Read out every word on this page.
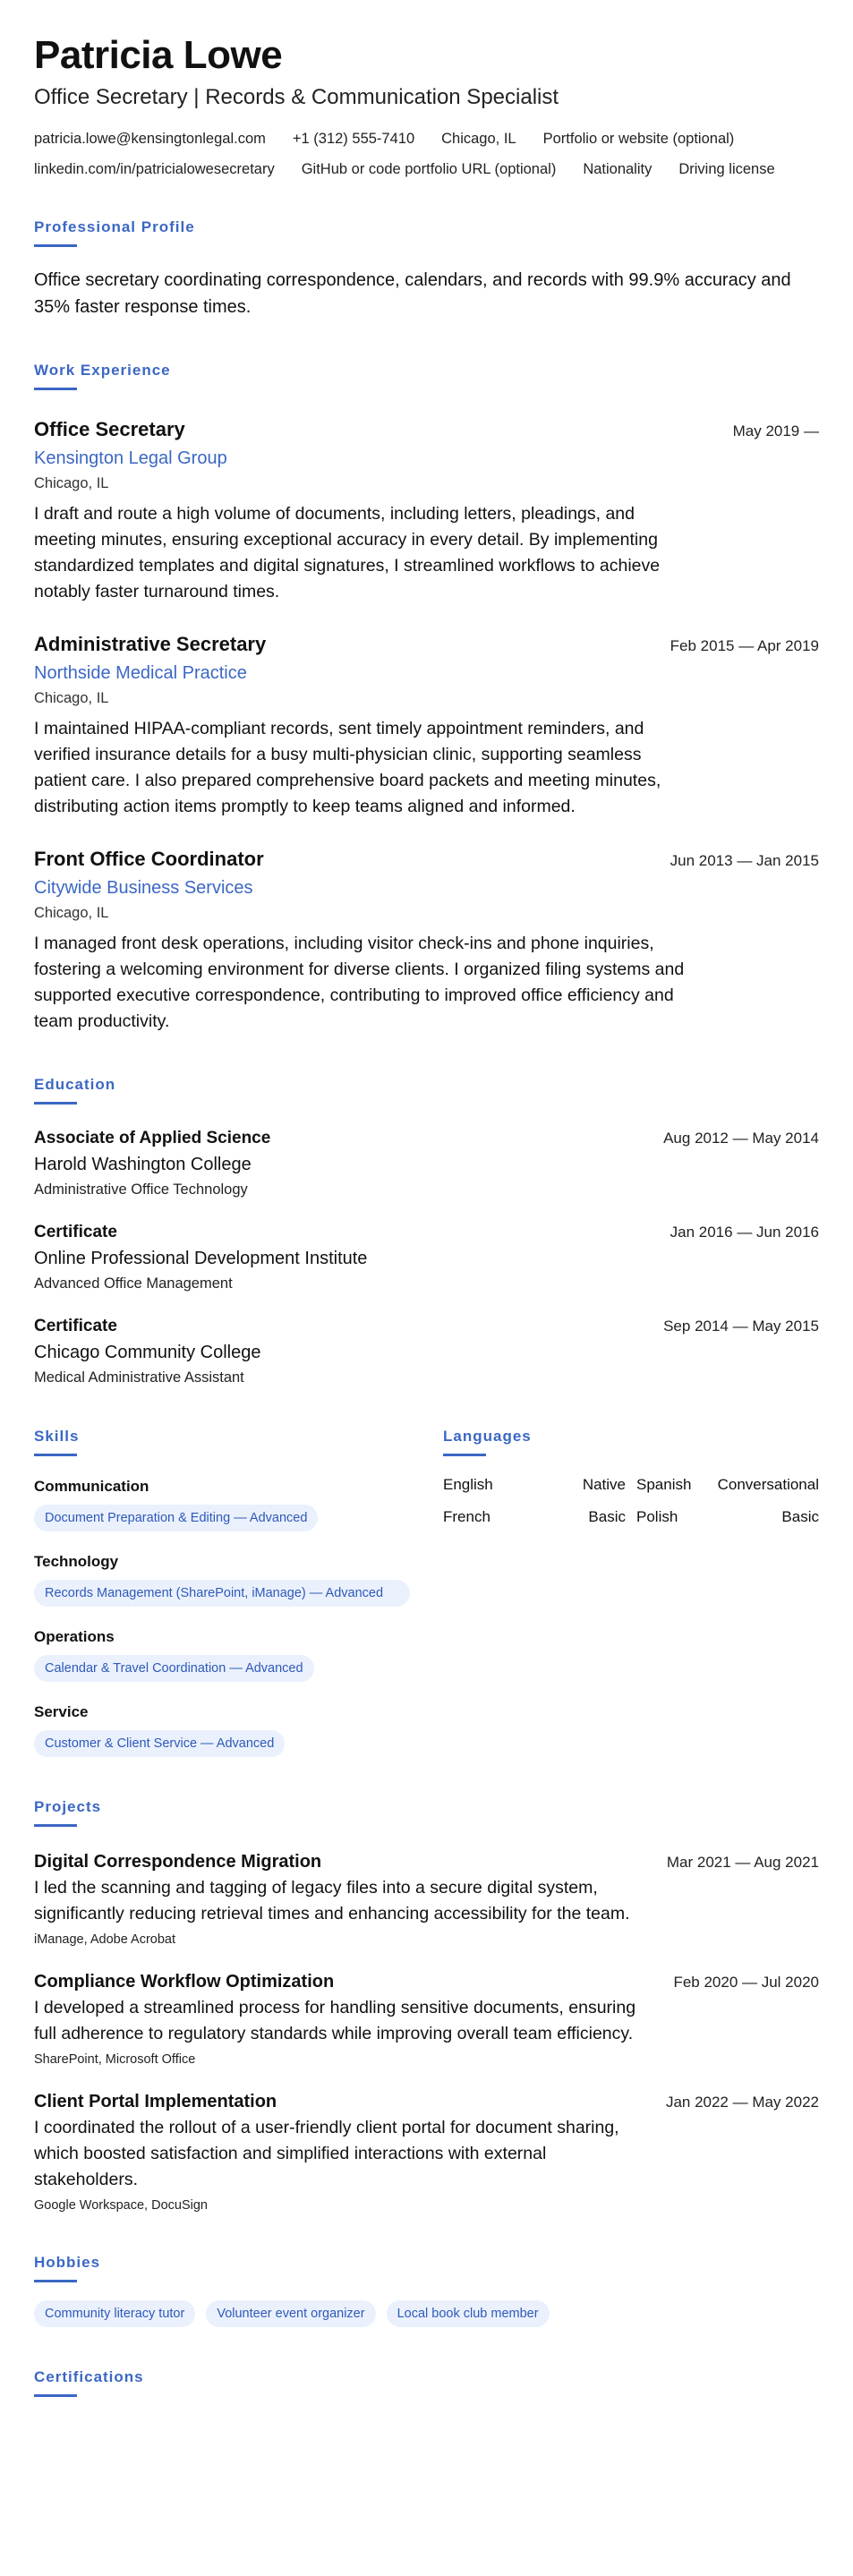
Patricia Lowe
Office Secretary | Records & Communication Specialist
patricia.lowe@kensingtonlegal.com +1 (312) 555-7410 Chicago, IL Portfolio or website (optional)
linkedin.com/in/patricialowesecretary GitHub or code portfolio URL (optional) Nationality Driving license
Professional Profile

Office secretary coordinating correspondence, calendars, and records with 99.9% accuracy and 35% faster response times.

Work Experience
Office Secretary	May 2019 —
Kensington Legal Group
Chicago, IL

I draft and route a high volume of documents, including letters, pleadings, and meeting minutes, ensuring exceptional accuracy in every detail. By implementing standardized templates and digital signatures, I streamlined workflows to achieve notably faster turnaround times.

Administrative Secretary	Feb 2015 — Apr 2019
Northside Medical Practice
Chicago, IL

I maintained HIPAA-compliant records, sent timely appointment reminders, and verified insurance details for a busy multi-physician clinic, supporting seamless patient care. I also prepared comprehensive board packets and meeting minutes, distributing action items promptly to keep teams aligned and informed.

Front Office Coordinator	Jun 2013 — Jan 2015
Citywide Business Services
Chicago, IL

I managed front desk operations, including visitor check-ins and phone inquiries, fostering a welcoming environment for diverse clients. I organized filing systems and supported executive correspondence, contributing to improved office efficiency and team productivity.

Education
Associate of Applied Science	Aug 2012 — May 2014
Harold Washington College
Administrative Office Technology
Certificate	Jan 2016 — Jun 2016
Online Professional Development Institute
Advanced Office Management
Certificate	Sep 2014 — May 2015
Chicago Community College
Medical Administrative Assistant
Skills
Communication
Document Preparation & Editing — Advanced
Technology
Records Management (SharePoint, iManage) — Advanced
Operations
Calendar & Travel Coordination — Advanced
Service
Customer & Client Service — Advanced
Languages
English	Native Spanish Conversational
French	Basic Polish	Basic
Projects
Digital Correspondence Migration	Mar 2021 — Aug 2021

I led the scanning and tagging of legacy files into a secure digital system, significantly reducing retrieval times and enhancing accessibility for the team.

iManage, Adobe Acrobat
Compliance Workflow Optimization	Feb 2020 — Jul 2020

I developed a streamlined process for handling sensitive documents, ensuring full adherence to regulatory standards while improving overall team efficiency.

SharePoint, Microsoft Office
Client Portal Implementation	Jan 2022 — May 2022

I coordinated the rollout of a user-friendly client portal for document sharing, which boosted satisfaction and simplified interactions with external stakeholders.

Google Workspace, DocuSign
Hobbies
Community literacy tutor	Volunteer event organizer	Local book club member
Certifications
